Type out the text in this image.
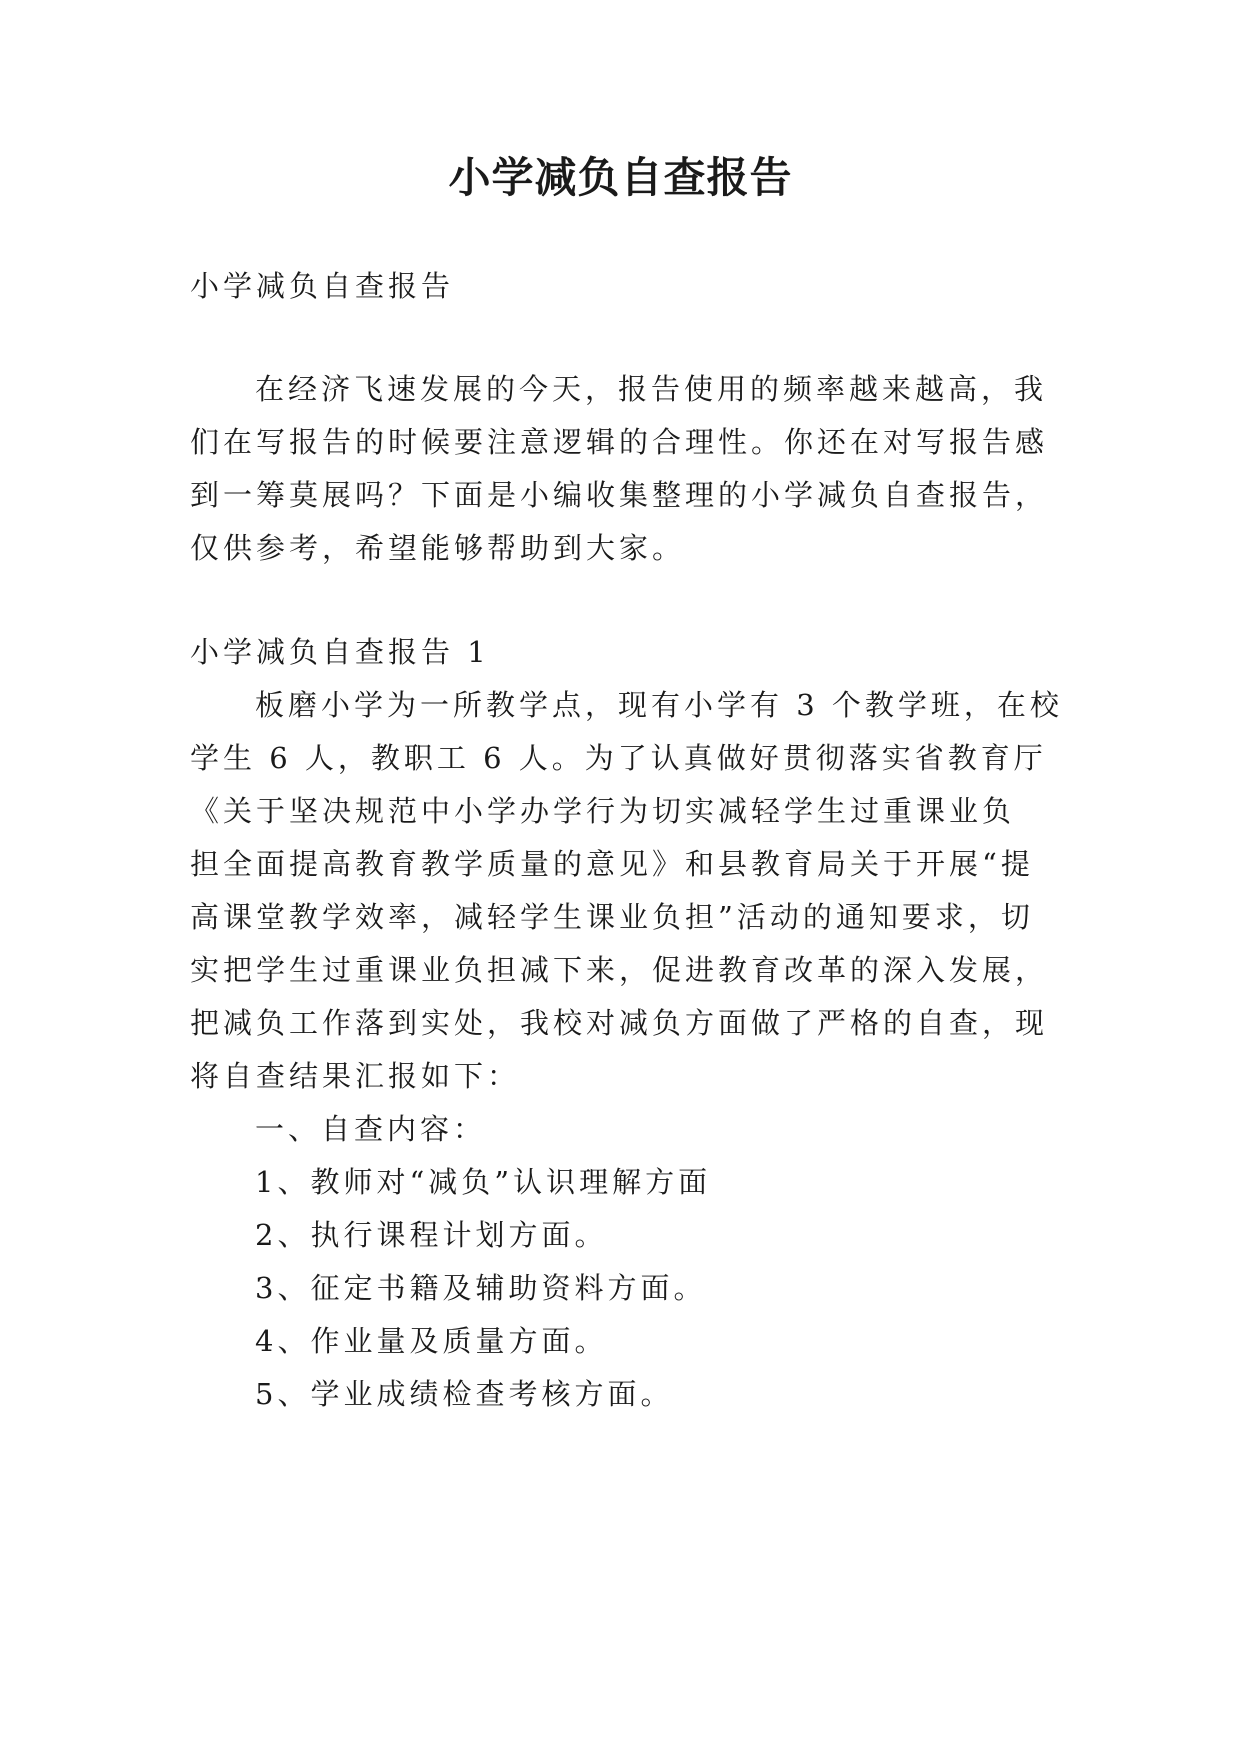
小学减负自查报告

小学减负自查报告

在经济飞速发展的今天，报告使用的频率越来越高，我

们在写报告的时候要注意逻辑的合理性。你还在对写报告感

到一筹莫展吗？下面是小编收集整理的小学减负自查报告，

仅供参考，希望能够帮助到大家。

小学减负自查报告 1

板磨小学为一所教学点，现有小学有 3 个教学班，在校

学生 6 人，教职工 6 人。为了认真做好贯彻落实省教育厅

《关于坚决规范中小学办学行为切实减轻学生过重课业负

担全面提高教育教学质量的意见》和县教育局关于开展“提

高课堂教学效率，减轻学生课业负担”活动的通知要求，切

实把学生过重课业负担减下来，促进教育改革的深入发展，

把减负工作落到实处，我校对减负方面做了严格的自查，现

将自查结果汇报如下：

一、自查内容：

1、教师对“减负”认识理解方面

2、执行课程计划方面。

3、征定书籍及辅助资料方面。

4、作业量及质量方面。

5、学业成绩检查考核方面。
